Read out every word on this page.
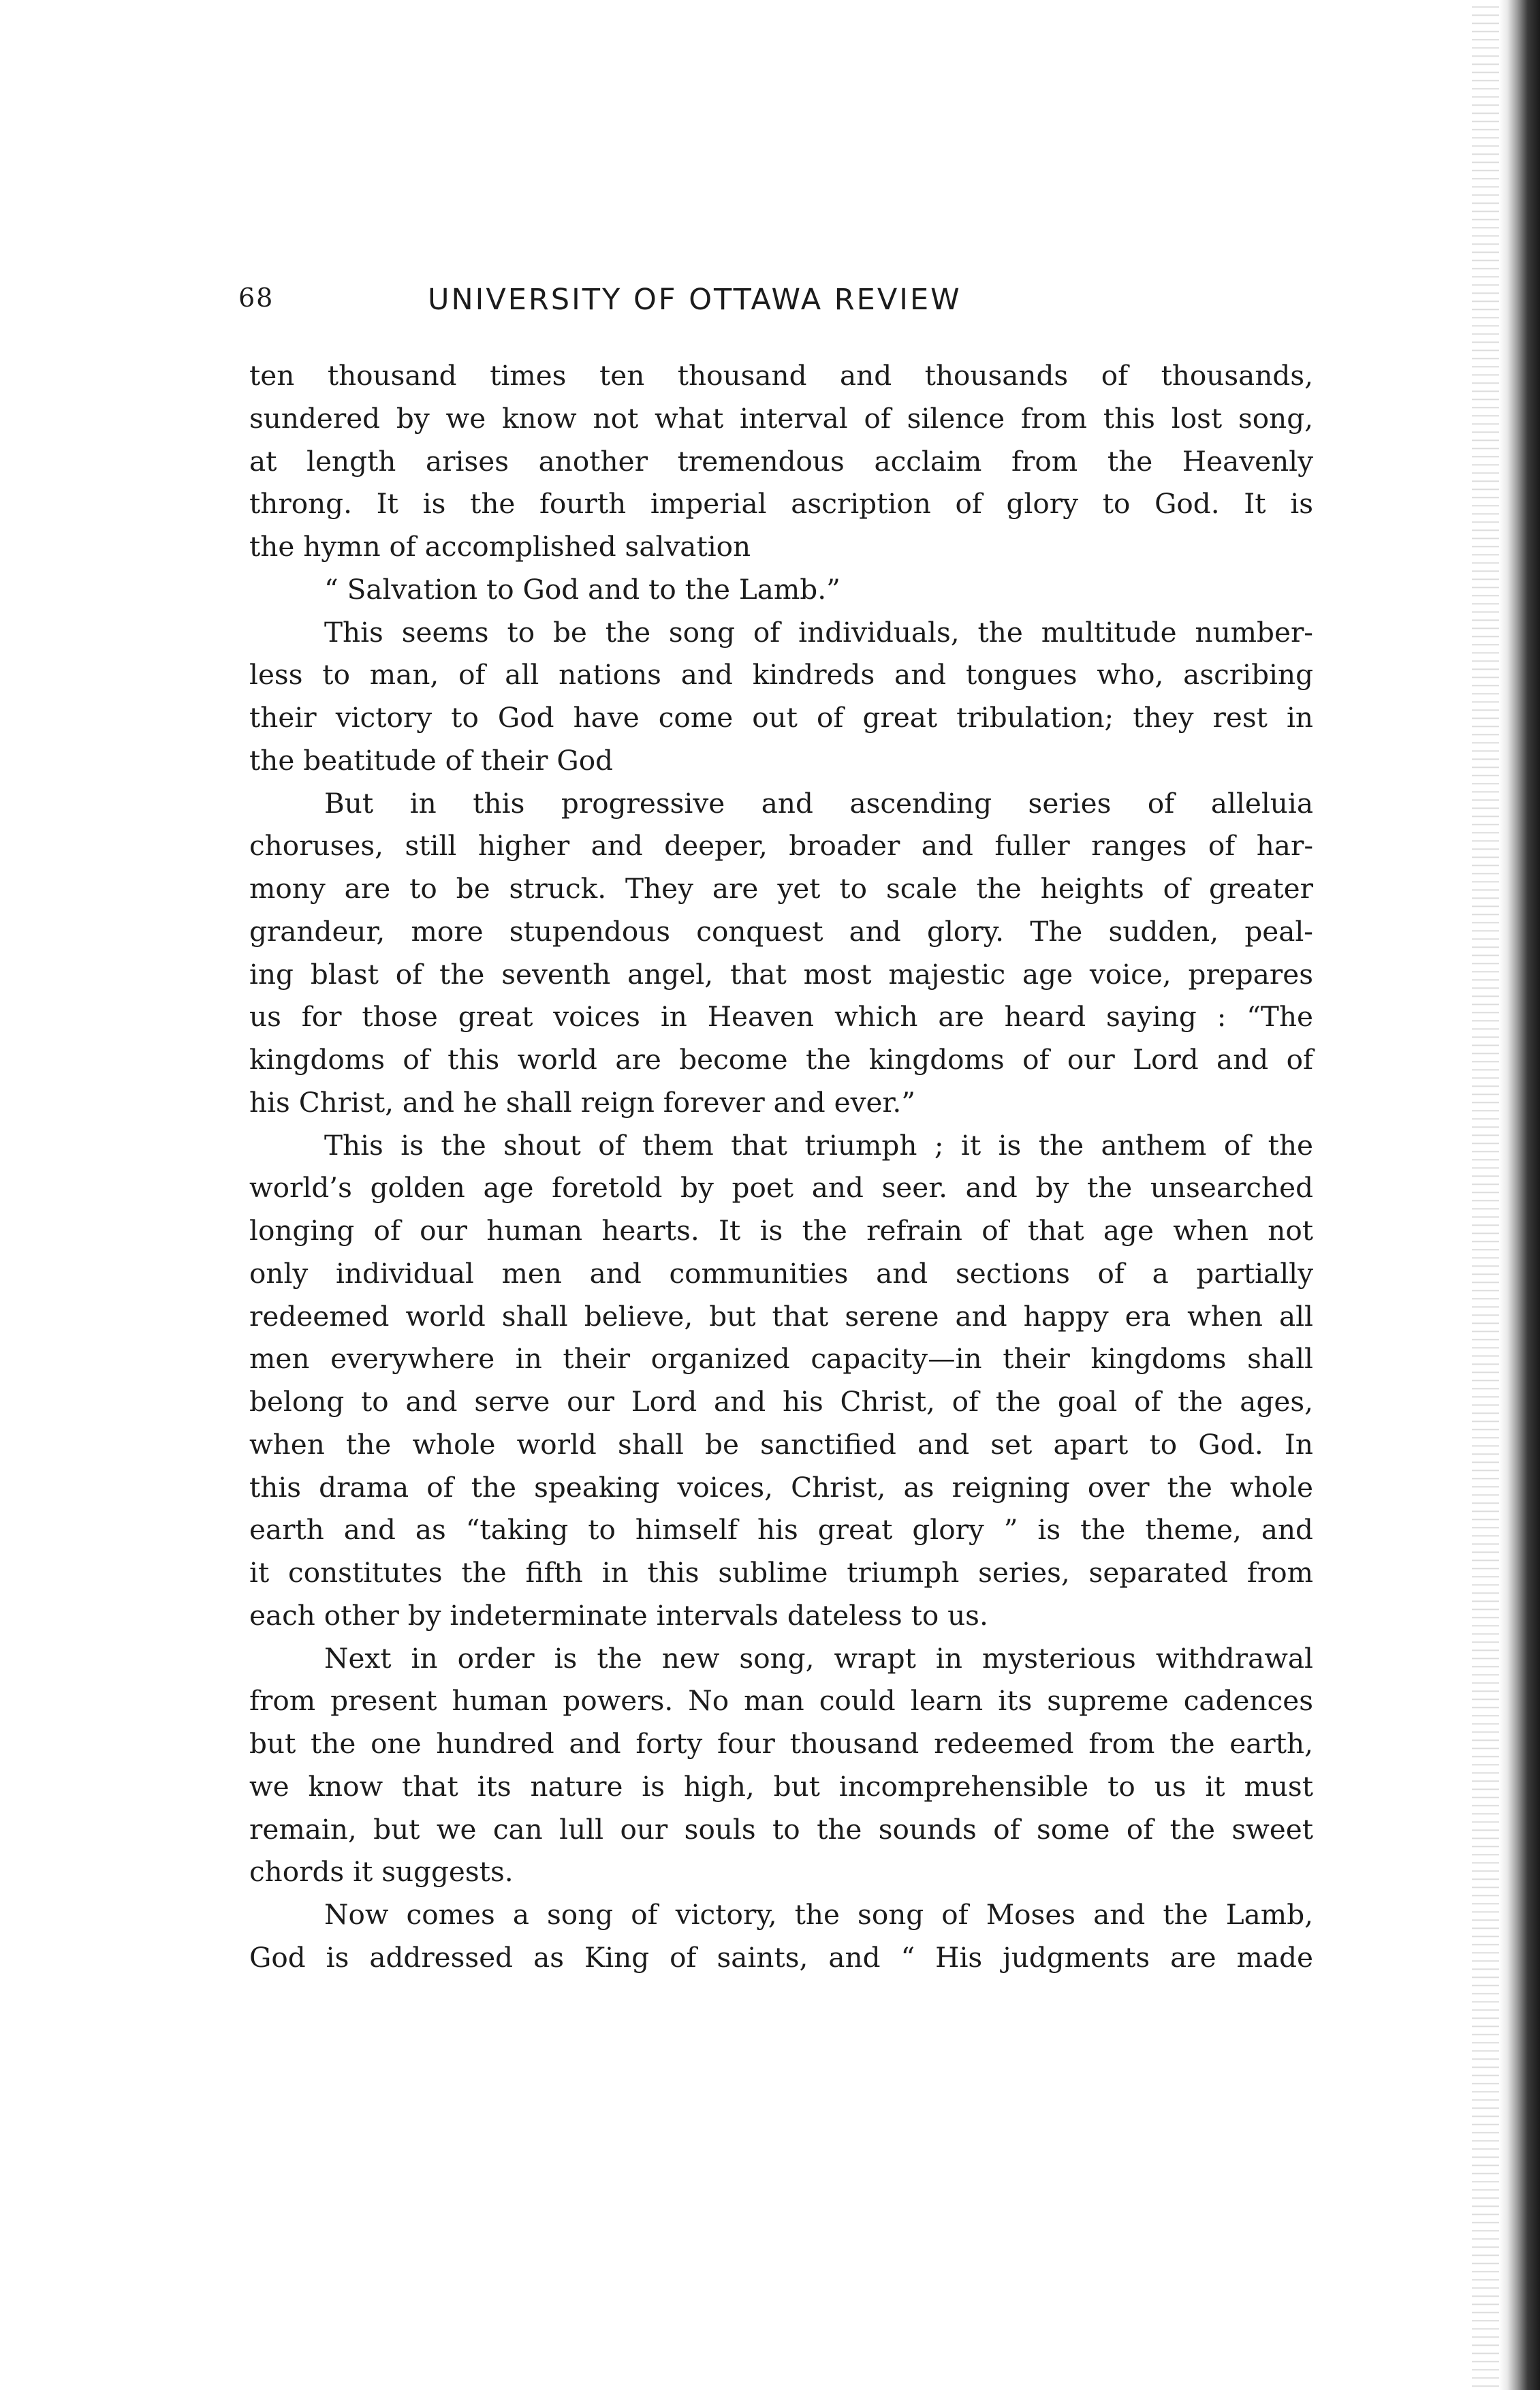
68	UNIVERSITY OF OTTAWA REVIEW
ten thousand times ten thousand and thousands of thousands,
sundered by we know not what interval of silence from this lost song,
at length arises another tremendous acclaim from the Heavenly
throng. It is the fourth imperial ascription of glory to God. It is
the hymn of accomplished salvation
“ Salvation to God and to the Lamb.”
This seems to be the song of individuals, the multitude number-
less to man, of all nations and kindreds and tongues who, ascribing
their victory to God have come out of great tribulation; they rest in
the beatitude of their God
But in this progressive and ascending series of alleluia
choruses, still higher and deeper, broader and fuller ranges of har-
mony are to be struck. They are yet to scale the heights of greater
grandeur, more stupendous conquest and glory. The sudden, peal-
ing blast of the seventh angel, that most majestic age voice, prepares
us for those great voices in Heaven which are heard saying : “The
kingdoms of this world are become the kingdoms of our Lord and of
his Christ, and he shall reign forever and ever.”
This is the shout of them that triumph ; it is the anthem of the
world’s golden age foretold by poet and seer. and by the unsearched
longing of our human hearts. It is the refrain of that age when not
only individual men and communities and sections of a partially
redeemed world shall believe, but that serene and happy era when all
men everywhere in their organized capacity—in their kingdoms shall
belong to and serve our Lord and his Christ, of the goal of the ages,
when the whole world shall be sanctified and set apart to God. In
this drama of the speaking voices, Christ, as reigning over the whole
earth and as “taking to himself his great glory ” is the theme, and
it constitutes the fifth in this sublime triumph series, separated from
each other by indeterminate intervals dateless to us.
Next in order is the new song, wrapt in mysterious withdrawal
from present human powers. No man could learn its supreme cadences
but the one hundred and forty four thousand redeemed from the earth,
we know that its nature is high, but incomprehensible to us it must
remain, but we can lull our souls to the sounds of some of the sweet
chords it suggests.
Now comes a song of victory, the song of Moses and the Lamb,
God is addressed as King of saints, and “ His judgments are made
